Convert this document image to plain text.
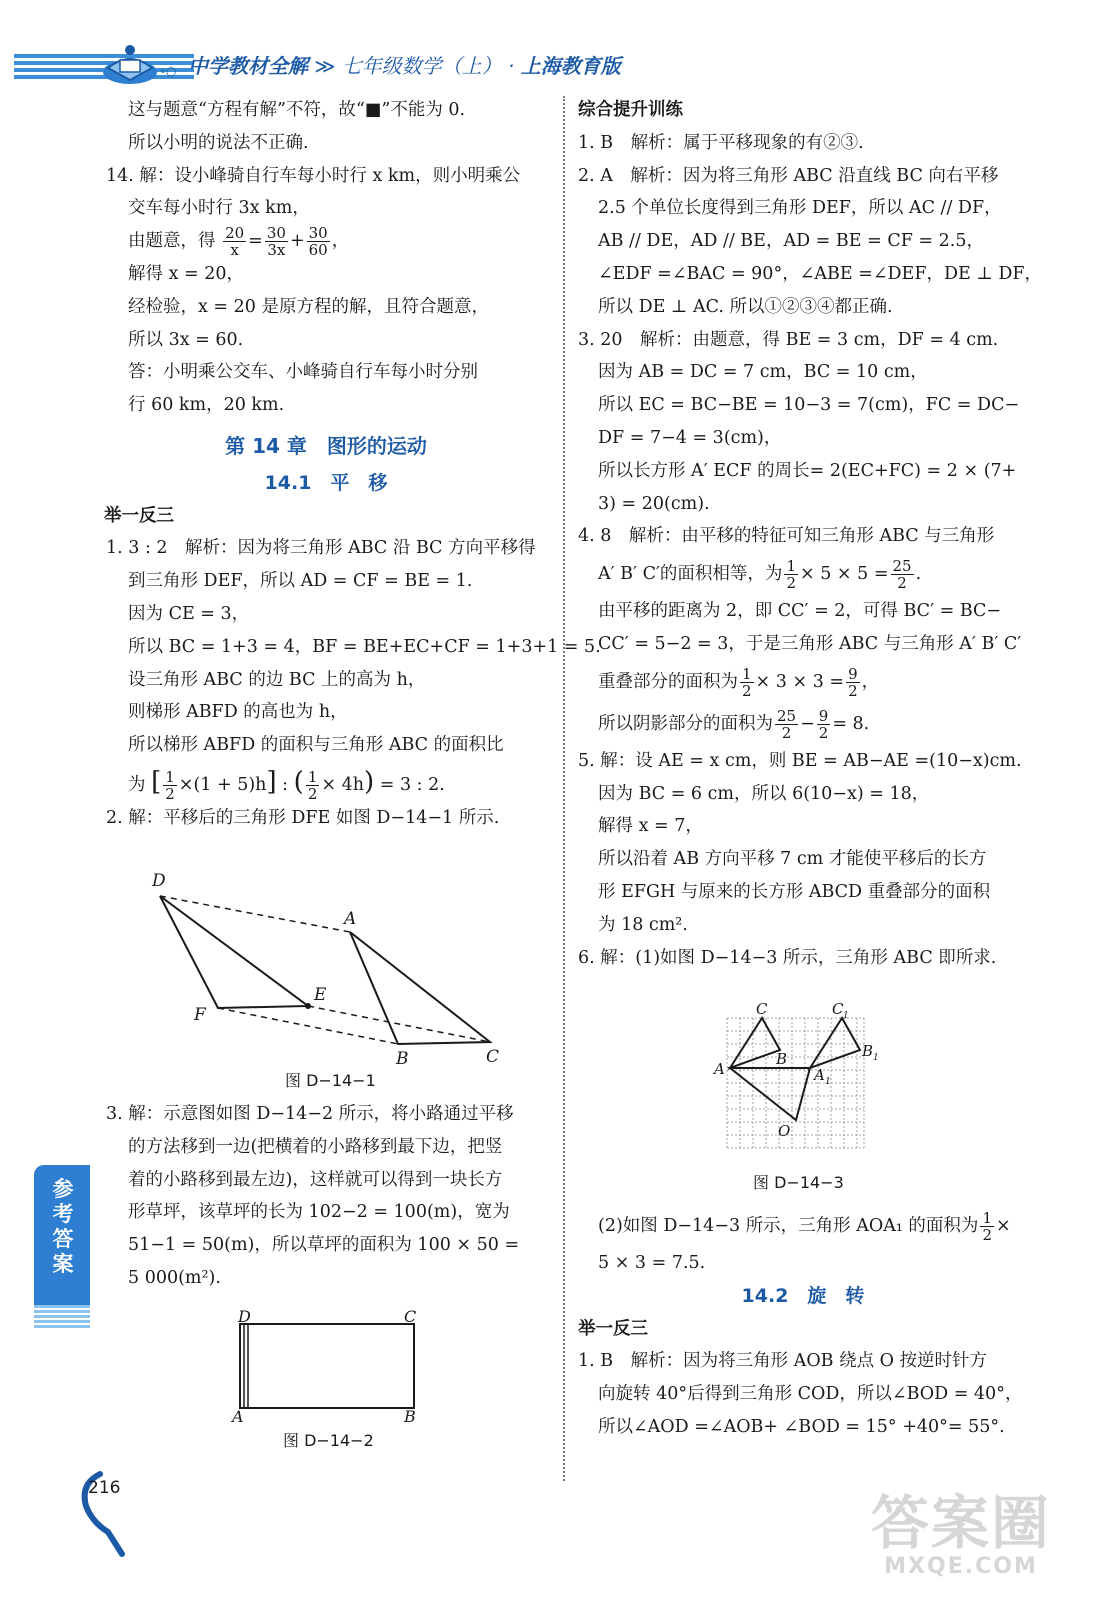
∘○ 中学教材全解 ≫ 七年级数学（上） · 上海教育版
这与题意“方程有解”不符，故“■”不能为 0.
所以小明的说法不正确.
14. 解：设小峰骑自行车每小时行 x km，则小明乘公
交车每小时行 3x km，
由题意，得 $\frac{20}{x} = \frac{30}{3x} + \frac{30}{60}$ ，
解得 x = 20，
经检验，x = 20 是原方程的解，且符合题意，
所以 3x = 60.
答：小明乘公交车、小峰骑自行车每小时分别
行 60 km，20 km.
第 14 章　图形的运动
14.1　平　移
举一反三
1. 3 : 2　解析：因为将三角形 ABC 沿 BC 方向平移得
到三角形 DEF，所以 AD = CF = BE = 1.
因为 CE = 3，
所以 BC = 1+3 = 4，BF = BE+EC+CF = 1+3+1 = 5.
设三角形 ABC 的边 BC 上的高为 h，
则梯形 ABFD 的高也为 h，
所以梯形 ABFD 的面积与三角形 ABC 的面积比
为 [ $\frac{1}{2} \times(1 + 5)h$] : ( $\frac{1}{2} \times 4h) = 3$ : 2.
2. 解：平移后的三角形 DFE 如图 D−14−1 所示.
D
A
E
F
B	C
图 D−14−1
3. 解：示意图如图 D−14−2 所示，将小路通过平移
的方法移到一边(把横着的小路移到最下边，把竖
着的小路移到最左边)，这样就可以得到一块长方
形草坪，该草坪的长为 102−2 = 100(m)，宽为
51−1 = 50(m)，所以草坪的面积为 100 × 50 =
5 000(m²).
D	C
A	B
图 D−14−2
综合提升训练
1. B　解析：属于平移现象的有②③.
2. A　解析：因为将三角形 ABC 沿直线 BC 向右平移
2.5 个单位长度得到三角形 DEF，所以 AC // DF，
AB // DE，AD // BE，AD = BE = CF = 2.5，
∠EDF =∠BAC = 90°，∠ABE =∠DEF，DE ⊥ DF，
所以 DE ⊥ AC. 所以①②③④都正确.
3. 20　解析：由题意，得 BE = 3 cm，DF = 4 cm.
因为 AB = DC = 7 cm，BC = 10 cm，
所以 EC = BC−BE = 10−3 = 7(cm)，FC = DC−
DF = 7−4 = 3(cm)，
所以长方形 A′ ECF 的周长= 2(EC+FC) = 2 × (7+
3) = 20(cm).
4. 8　解析：由平移的特征可知三角形 ABC 与三角形
A′ B′ C′的面积相等，为 $\frac{1}{2} \times 5 \times 5 = \frac{25}{2}$ .
由平移的距离为 2，即 CC′ = 2，可得 BC′ = BC−
CC′ = 5−2 = 3，于是三角形 ABC 与三角形 A′ B′ C′
重叠部分的面积为 $\frac{1}{2} \times 3 \times 3 = \frac{9}{2}$ ，
所以阴影部分的面积为 $\frac{25}{2} - \frac{9}{2} = 8$.
5. 解：设 AE = x cm，则 BE = AB−AE =(10−x)cm.
因为 BC = 6 cm，所以 6(10−x) = 18，
解得 x = 7，
所以沿着 AB 方向平移 7 cm 才能使平移后的长方
形 EFGH 与原来的长方形 ABCD 重叠部分的面积
为 18 cm².
6. 解：(1)如图 D−14−3 所示，三角形 ABC 即所求.
C	C 1
B	B 1
A	A 1
O
图 D−14−3
(2)如图 D−14−3 所示，三角形 AOA₁ 的面积为 $\frac{1}{2}$ ×
5 × 3 = 7.5.
14.2　旋　转
举一反三
1. B　解析：因为将三角形 AOB 绕点 O 按逆时针方
向旋转 40°后得到三角形 COD，所以∠BOD = 40°，
所以∠AOD =∠AOB+ ∠BOD = 15° +40°= 55°.
参考答案
216
答案圈
MXQE.COM
